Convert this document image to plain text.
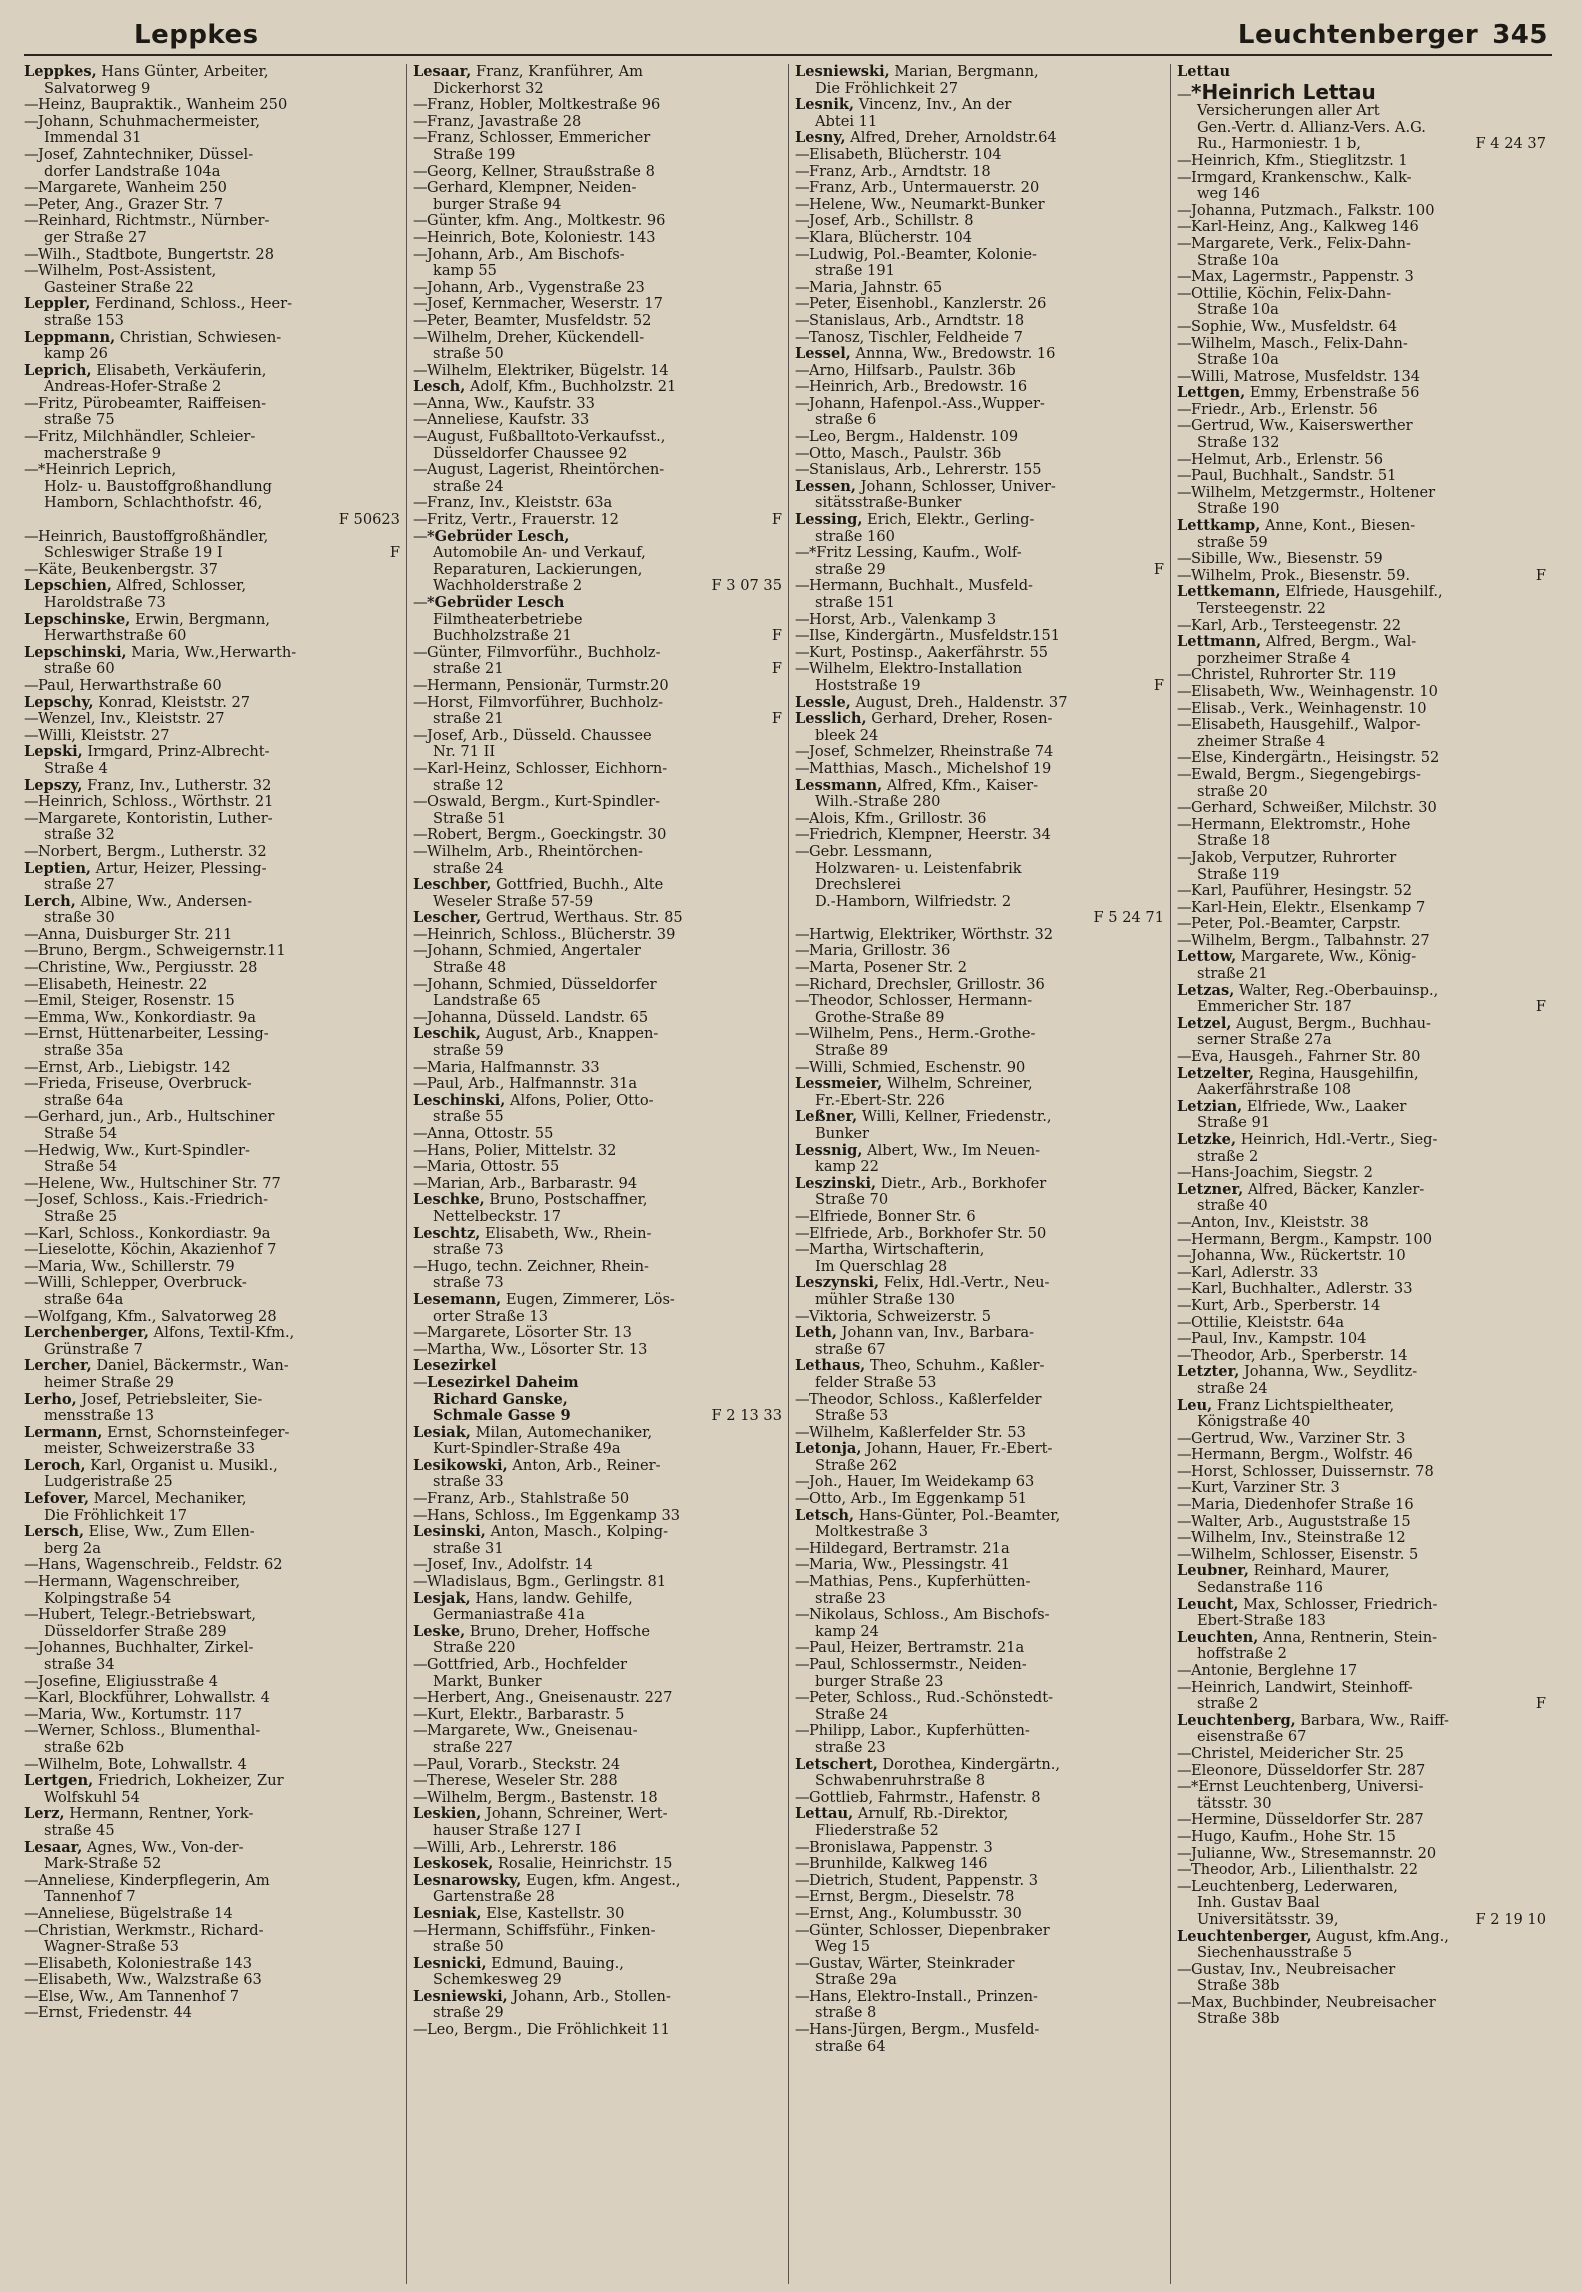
Leppkes	Leuchtenberger 345
Leppkes, Hans Günter, Arbeiter,
Salvatorweg 9
—Heinz, Baupraktik., Wanheim 250
—Johann, Schuhmachermeister,
Immendal 31
—Josef, Zahntechniker, Düssel-
dorfer Landstraße 104a
—Margarete, Wanheim 250
—Peter, Ang., Grazer Str. 7
—Reinhard, Richtmstr., Nürnber-
ger Straße 27
—Wilh., Stadtbote, Bungertstr. 28
—Wilhelm, Post-Assistent,
Gasteiner Straße 22
Leppler, Ferdinand, Schloss., Heer-
straße 153
Leppmann, Christian, Schwiesen-
kamp 26
Leprich, Elisabeth, Verkäuferin,
Andreas-Hofer-Straße 2
—Fritz, Pürobeamter, Raiffeisen-
straße 75
—Fritz, Milchhändler, Schleier-
macherstraße 9
—*Heinrich Leprich,
Holz- u. Baustoffgroßhandlung
Hamborn, Schlachthofstr. 46,
F 50623
—Heinrich, Baustoffgroßhändler,
Schleswiger Straße 19 I	F
—Käte, Beukenbergstr. 37
Lepschien, Alfred, Schlosser,
Haroldstraße 73
Lepschinske, Erwin, Bergmann,
Herwarthstraße 60
Lepschinski, Maria, Ww.,Herwarth-
straße 60
—Paul, Herwarthstraße 60
Lepschy, Konrad, Kleiststr. 27
—Wenzel, Inv., Kleiststr. 27
—Willi, Kleiststr. 27
Lepski, Irmgard, Prinz-Albrecht-
Straße 4
Lepszy, Franz, Inv., Lutherstr. 32
—Heinrich, Schloss., Wörthstr. 21
—Margarete, Kontoristin, Luther-
straße 32
—Norbert, Bergm., Lutherstr. 32
Leptien, Artur, Heizer, Plessing-
straße 27
Lerch, Albine, Ww., Andersen-
straße 30
—Anna, Duisburger Str. 211
—Bruno, Bergm., Schweigernstr.11
—Christine, Ww., Pergiusstr. 28
—Elisabeth, Heinestr. 22
—Emil, Steiger, Rosenstr. 15
—Emma, Ww., Konkordiastr. 9a
—Ernst, Hüttenarbeiter, Lessing-
straße 35a
—Ernst, Arb., Liebigstr. 142
—Frieda, Friseuse, Overbruck-
straße 64a
—Gerhard, jun., Arb., Hultschiner
Straße 54
—Hedwig, Ww., Kurt-Spindler-
Straße 54
—Helene, Ww., Hultschiner Str. 77
—Josef, Schloss., Kais.-Friedrich-
Straße 25
—Karl, Schloss., Konkordiastr. 9a
—Lieselotte, Köchin, Akazienhof 7
—Maria, Ww., Schillerstr. 79
—Willi, Schlepper, Overbruck-
straße 64a
—Wolfgang, Kfm., Salvatorweg 28
Lerchenberger, Alfons, Textil-Kfm.,
Grünstraße 7
Lercher, Daniel, Bäckermstr., Wan-
heimer Straße 29
Lerho, Josef, Petriebsleiter, Sie-
mensstraße 13
Lermann, Ernst, Schornsteinfeger-
meister, Schweizerstraße 33
Leroch, Karl, Organist u. Musikl.,
Ludgeristraße 25
Lefover, Marcel, Mechaniker,
Die Fröhlichkeit 17
Lersch, Elise, Ww., Zum Ellen-
berg 2a
—Hans, Wagenschreib., Feldstr. 62
—Hermann, Wagenschreiber,
Kolpingstraße 54
—Hubert, Telegr.-Betriebswart,
Düsseldorfer Straße 289
—Johannes, Buchhalter, Zirkel-
straße 34
—Josefine, Eligiusstraße 4
—Karl, Blockführer, Lohwallstr. 4
—Maria, Ww., Kortumstr. 117
—Werner, Schloss., Blumenthal-
straße 62b
—Wilhelm, Bote, Lohwallstr. 4
Lertgen, Friedrich, Lokheizer, Zur
Wolfskuhl 54
Lerz, Hermann, Rentner, York-
straße 45
Lesaar, Agnes, Ww., Von-der-
Mark-Straße 52
—Anneliese, Kinderpflegerin, Am
Tannenhof 7
—Anneliese, Bügelstraße 14
—Christian, Werkmstr., Richard-
Wagner-Straße 53
—Elisabeth, Koloniestraße 143
—Elisabeth, Ww., Walzstraße 63
—Else, Ww., Am Tannenhof 7
—Ernst, Friedenstr. 44
Lesaar, Franz, Kranführer, Am
Dickerhorst 32
—Franz, Hobler, Moltkestraße 96
—Franz, Javastraße 28
—Franz, Schlosser, Emmericher
Straße 199
—Georg, Kellner, Straußstraße 8
—Gerhard, Klempner, Neiden-
burger Straße 94
—Günter, kfm. Ang., Moltkestr. 96
—Heinrich, Bote, Koloniestr. 143
—Johann, Arb., Am Bischofs-
kamp 55
—Johann, Arb., Vygenstraße 23
—Josef, Kernmacher, Weserstr. 17
—Peter, Beamter, Musfeldstr. 52
—Wilhelm, Dreher, Kückendell-
straße 50
—Wilhelm, Elektriker, Bügelstr. 14
Lesch, Adolf, Kfm., Buchholzstr. 21
—Anna, Ww., Kaufstr. 33
—Anneliese, Kaufstr. 33
—August, Fußballtoto-Verkaufsst.,
Düsseldorfer Chaussee 92
—August, Lagerist, Rheintörchen-
straße 24
—Franz, Inv., Kleiststr. 63a
—Fritz, Vertr., Frauerstr. 12	F
—*Gebrüder Lesch,
Automobile An- und Verkauf,
Reparaturen, Lackierungen,
Wachholderstraße 2	F 3 07 35
—*Gebrüder Lesch
Filmtheaterbetriebe
Buchholzstraße 21	F
—Günter, Filmvorführ., Buchholz-
straße 21	F
—Hermann, Pensionär, Turmstr.20
—Horst, Filmvorführer, Buchholz-
straße 21	F
—Josef, Arb., Düsseld. Chaussee
Nr. 71 II
—Karl-Heinz, Schlosser, Eichhorn-
straße 12
—Oswald, Bergm., Kurt-Spindler-
Straße 51
—Robert, Bergm., Goeckingstr. 30
—Wilhelm, Arb., Rheintörchen-
straße 24
Leschber, Gottfried, Buchh., Alte
Weseler Straße 57-59
Lescher, Gertrud, Werthaus. Str. 85
—Heinrich, Schloss., Blücherstr. 39
—Johann, Schmied, Angertaler
Straße 48
—Johann, Schmied, Düsseldorfer
Landstraße 65
—Johanna, Düsseld. Landstr. 65
Leschik, August, Arb., Knappen-
straße 59
—Maria, Halfmannstr. 33
—Paul, Arb., Halfmannstr. 31a
Leschinski, Alfons, Polier, Otto-
straße 55
—Anna, Ottostr. 55
—Hans, Polier, Mittelstr. 32
—Maria, Ottostr. 55
—Marian, Arb., Barbarastr. 94
Leschke, Bruno, Postschaffner,
Nettelbeckstr. 17
Leschtz, Elisabeth, Ww., Rhein-
straße 73
—Hugo, techn. Zeichner, Rhein-
straße 73
Lesemann, Eugen, Zimmerer, Lös-
orter Straße 13
—Margarete, Lösorter Str. 13
—Martha, Ww., Lösorter Str. 13
Lesezirkel
—Lesezirkel Daheim
Richard Ganske,
Schmale Gasse 9	F 2 13 33
Lesiak, Milan, Automechaniker,
Kurt-Spindler-Straße 49a
Lesikowski, Anton, Arb., Reiner-
straße 33
—Franz, Arb., Stahlstraße 50
—Hans, Schloss., Im Eggenkamp 33
Lesinski, Anton, Masch., Kolping-
straße 31
—Josef, Inv., Adolfstr. 14
—Wladislaus, Bgm., Gerlingstr. 81
Lesjak, Hans, landw. Gehilfe,
Germaniastraße 41a
Leske, Bruno, Dreher, Hoffsche
Straße 220
—Gottfried, Arb., Hochfelder
Markt, Bunker
—Herbert, Ang., Gneisenaustr. 227
—Kurt, Elektr., Barbarastr. 5
—Margarete, Ww., Gneisenau-
straße 227
—Paul, Vorarb., Steckstr. 24
—Therese, Weseler Str. 288
—Wilhelm, Bergm., Bastenstr. 18
Leskien, Johann, Schreiner, Wert-
hauser Straße 127 I
—Willi, Arb., Lehrerstr. 186
Leskosek, Rosalie, Heinrichstr. 15
Lesnarowsky, Eugen, kfm. Angest.,
Gartenstraße 28
Lesniak, Else, Kastellstr. 30
—Hermann, Schiffsführ., Finken-
straße 50
Lesnicki, Edmund, Bauing.,
Schemkesweg 29
Lesniewski, Johann, Arb., Stollen-
straße 29
—Leo, Bergm., Die Fröhlichkeit 11
Lesniewski, Marian, Bergmann,
Die Fröhlichkeit 27
Lesnik, Vincenz, Inv., An der
Abtei 11
Lesny, Alfred, Dreher, Arnoldstr.64
—Elisabeth, Blücherstr. 104
—Franz, Arb., Arndtstr. 18
—Franz, Arb., Untermauerstr. 20
—Helene, Ww., Neumarkt-Bunker
—Josef, Arb., Schillstr. 8
—Klara, Blücherstr. 104
—Ludwig, Pol.-Beamter, Kolonie-
straße 191
—Maria, Jahnstr. 65
—Peter, Eisenhobl., Kanzlerstr. 26
—Stanislaus, Arb., Arndtstr. 18
—Tanosz, Tischler, Feldheide 7
Lessel, Annna, Ww., Bredowstr. 16
—Arno, Hilfsarb., Paulstr. 36b
—Heinrich, Arb., Bredowstr. 16
—Johann, Hafenpol.-Ass.,Wupper-
straße 6
—Leo, Bergm., Haldenstr. 109
—Otto, Masch., Paulstr. 36b
—Stanislaus, Arb., Lehrerstr. 155
Lessen, Johann, Schlosser, Univer-
sitätsstraße-Bunker
Lessing, Erich, Elektr., Gerling-
straße 160
—*Fritz Lessing, Kaufm., Wolf-
straße 29	F
—Hermann, Buchhalt., Musfeld-
straße 151
—Horst, Arb., Valenkamp 3
—Ilse, Kindergärtn., Musfeldstr.151
—Kurt, Postinsp., Aakerfährstr. 55
—Wilhelm, Elektro-Installation
Hoststraße 19	F
Lessle, August, Dreh., Haldenstr. 37
Lesslich, Gerhard, Dreher, Rosen-
bleek 24
—Josef, Schmelzer, Rheinstraße 74
—Matthias, Masch., Michelshof 19
Lessmann, Alfred, Kfm., Kaiser-
Wilh.-Straße 280
—Alois, Kfm., Grillostr. 36
—Friedrich, Klempner, Heerstr. 34
—Gebr. Lessmann,
Holzwaren- u. Leistenfabrik
Drechslerei
D.-Hamborn, Wilfriedstr. 2
F 5 24 71
—Hartwig, Elektriker, Wörthstr. 32
—Maria, Grillostr. 36
—Marta, Posener Str. 2
—Richard, Drechsler, Grillostr. 36
—Theodor, Schlosser, Hermann-
Grothe-Straße 89
—Wilhelm, Pens., Herm.-Grothe-
Straße 89
—Willi, Schmied, Eschenstr. 90
Lessmeier, Wilhelm, Schreiner,
Fr.-Ebert-Str. 226
Leßner, Willi, Kellner, Friedenstr.,
Bunker
Lessnig, Albert, Ww., Im Neuen-
kamp 22
Leszinski, Dietr., Arb., Borkhofer
Straße 70
—Elfriede, Bonner Str. 6
—Elfriede, Arb., Borkhofer Str. 50
—Martha, Wirtschafterin,
Im Querschlag 28
Leszynski, Felix, Hdl.-Vertr., Neu-
mühler Straße 130
—Viktoria, Schweizerstr. 5
Leth, Johann van, Inv., Barbara-
straße 67
Lethaus, Theo, Schuhm., Kaßler-
felder Straße 53
—Theodor, Schloss., Kaßlerfelder
Straße 53
—Wilhelm, Kaßlerfelder Str. 53
Letonja, Johann, Hauer, Fr.-Ebert-
Straße 262
—Joh., Hauer, Im Weidekamp 63
—Otto, Arb., Im Eggenkamp 51
Letsch, Hans-Günter, Pol.-Beamter,
Moltkestraße 3
—Hildegard, Bertramstr. 21a
—Maria, Ww., Plessingstr. 41
—Mathias, Pens., Kupferhütten-
straße 23
—Nikolaus, Schloss., Am Bischofs-
kamp 24
—Paul, Heizer, Bertramstr. 21a
—Paul, Schlossermstr., Neiden-
burger Straße 23
—Peter, Schloss., Rud.-Schönstedt-
Straße 24
—Philipp, Labor., Kupferhütten-
straße 23
Letschert, Dorothea, Kindergärtn.,
Schwabenruhrstraße 8
—Gottlieb, Fahrmstr., Hafenstr. 8
Lettau, Arnulf, Rb.-Direktor,
Fliederstraße 52
—Bronislawa, Pappenstr. 3
—Brunhilde, Kalkweg 146
—Dietrich, Student, Pappenstr. 3
—Ernst, Bergm., Dieselstr. 78
—Ernst, Ang., Kolumbusstr. 30
—Günter, Schlosser, Diepenbraker
Weg 15
—Gustav, Wärter, Steinkrader
Straße 29a
—Hans, Elektro-Install., Prinzen-
straße 8
—Hans-Jürgen, Bergm., Musfeld-
straße 64
Lettau
—*Heinrich Lettau
Versicherungen aller Art
Gen.-Vertr. d. Allianz-Vers. A.G.
Ru., Harmoniestr. 1 b,	F 4 24 37
—Heinrich, Kfm., Stieglitzstr. 1
—Irmgard, Krankenschw., Kalk-
weg 146
—Johanna, Putzmach., Falkstr. 100
—Karl-Heinz, Ang., Kalkweg 146
—Margarete, Verk., Felix-Dahn-
Straße 10a
—Max, Lagermstr., Pappenstr. 3
—Ottilie, Köchin, Felix-Dahn-
Straße 10a
—Sophie, Ww., Musfeldstr. 64
—Wilhelm, Masch., Felix-Dahn-
Straße 10a
—Willi, Matrose, Musfeldstr. 134
Lettgen, Emmy, Erbenstraße 56
—Friedr., Arb., Erlenstr. 56
—Gertrud, Ww., Kaiserswerther
Straße 132
—Helmut, Arb., Erlenstr. 56
—Paul, Buchhalt., Sandstr. 51
—Wilhelm, Metzgermstr., Holtener
Straße 190
Lettkamp, Anne, Kont., Biesen-
straße 59
—Sibille, Ww., Biesenstr. 59
—Wilhelm, Prok., Biesenstr. 59.	F
Lettkemann, Elfriede, Hausgehilf.,
Tersteegenstr. 22
—Karl, Arb., Tersteegenstr. 22
Lettmann, Alfred, Bergm., Wal-
porzheimer Straße 4
—Christel, Ruhrorter Str. 119
—Elisabeth, Ww., Weinhagenstr. 10
—Elisab., Verk., Weinhagenstr. 10
—Elisabeth, Hausgehilf., Walpor-
zheimer Straße 4
—Else, Kindergärtn., Heisingstr. 52
—Ewald, Bergm., Siegengebirgs-
straße 20
—Gerhard, Schweißer, Milchstr. 30
—Hermann, Elektromstr., Hohe
Straße 18
—Jakob, Verputzer, Ruhrorter
Straße 119
—Karl, Pauführer, Hesingstr. 52
—Karl-Hein, Elektr., Elsenkamp 7
—Peter, Pol.-Beamter, Carpstr.
—Wilhelm, Bergm., Talbahnstr. 27
Lettow, Margarete, Ww., König-
straße 21
Letzas, Walter, Reg.-Oberbauinsp.,
Emmericher Str. 187	F
Letzel, August, Bergm., Buchhau-
serner Straße 27a
—Eva, Hausgeh., Fahrner Str. 80
Letzelter, Regina, Hausgehilfin,
Aakerfährstraße 108
Letzian, Elfriede, Ww., Laaker
Straße 91
Letzke, Heinrich, Hdl.-Vertr., Sieg-
straße 2
—Hans-Joachim, Siegstr. 2
Letzner, Alfred, Bäcker, Kanzler-
straße 40
—Anton, Inv., Kleiststr. 38
—Hermann, Bergm., Kampstr. 100
—Johanna, Ww., Rückertstr. 10
—Karl, Adlerstr. 33
—Karl, Buchhalter., Adlerstr. 33
—Kurt, Arb., Sperberstr. 14
—Ottilie, Kleiststr. 64a
—Paul, Inv., Kampstr. 104
—Theodor, Arb., Sperberstr. 14
Letzter, Johanna, Ww., Seydlitz-
straße 24
Leu, Franz Lichtspieltheater,
Königstraße 40
—Gertrud, Ww., Varziner Str. 3
—Hermann, Bergm., Wolfstr. 46
—Horst, Schlosser, Duissernstr. 78
—Kurt, Varziner Str. 3
—Maria, Diedenhofer Straße 16
—Walter, Arb., Auguststraße 15
—Wilhelm, Inv., Steinstraße 12
—Wilhelm, Schlosser, Eisenstr. 5
Leubner, Reinhard, Maurer,
Sedanstraße 116
Leucht, Max, Schlosser, Friedrich-
Ebert-Straße 183
Leuchten, Anna, Rentnerin, Stein-
hoffstraße 2
—Antonie, Berglehne 17
—Heinrich, Landwirt, Steinhoff-
straße 2	F
Leuchtenberg, Barbara, Ww., Raiff-
eisenstraße 67
—Christel, Meidericher Str. 25
—Eleonore, Düsseldorfer Str. 287
—*Ernst Leuchtenberg, Universi-
tätsstr. 30
—Hermine, Düsseldorfer Str. 287
—Hugo, Kaufm., Hohe Str. 15
—Julianne, Ww., Stresemannstr. 20
—Theodor, Arb., Lilienthalstr. 22
—Leuchtenberg, Lederwaren,
Inh. Gustav Baal
Universitätsstr. 39,	F 2 19 10
Leuchtenberger, August, kfm.Ang.,
Siechenhausstraße 5
—Gustav, Inv., Neubreisacher
Straße 38b
—Max, Buchbinder, Neubreisacher
Straße 38b
